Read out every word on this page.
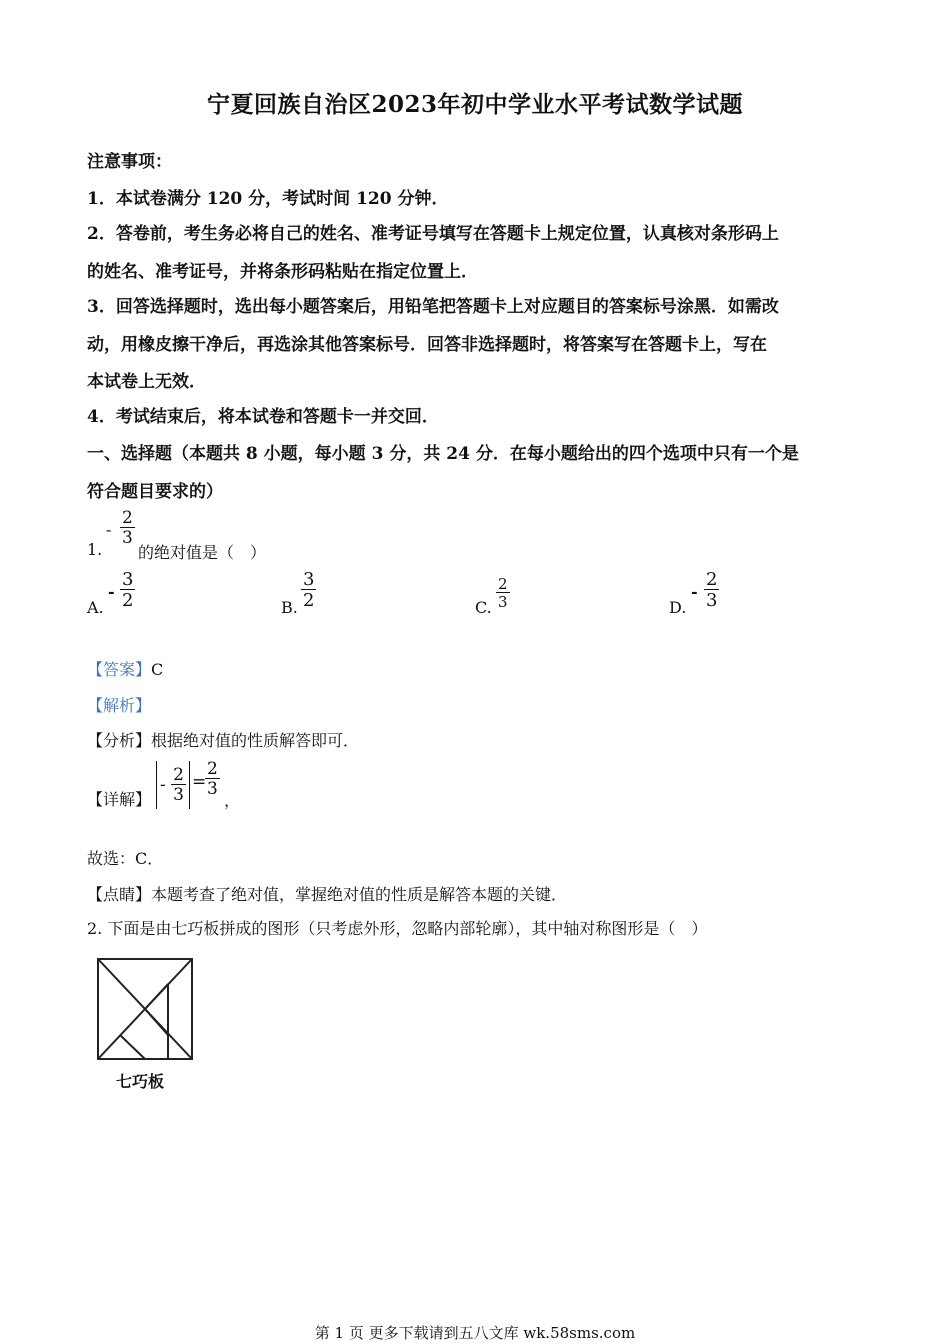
宁夏回族自治区2023年初中学业水平考试数学试题
注意事项：
1．本试卷满分 120 分，考试时间 120 分钟．
2．答卷前，考生务必将自己的姓名、准考证号填写在答题卡上规定位置，认真核对条形码上
的姓名、准考证号，并将条形码粘贴在指定位置上．
3．回答选择题时，选出每小题答案后，用铅笔把答题卡上对应题目的答案标号涂黑．如需改
动，用橡皮擦干净后，再选涂其他答案标号．回答非选择题时，将答案写在答题卡上，写在
本试卷上无效．
4．考试结束后，将本试卷和答题卡一并交回．
一、选择题（本题共 8 小题，每小题 3 分，共 24 分．在每小题给出的四个选项中只有一个是
符合题目要求的）
1.
- $\frac{2}{3}$
的绝对值是（　）
A.
- $\frac{3}{2}$	B. $\frac{3}{2}$	C. $\frac{2}{3}$	D.
- $\frac{2}{3}$
【答案】C
【解析】
【分析】根据绝对值的性质解答即可．
【详解】
- $\frac{2}{3}$ =
$\frac{2}{3}$
，
故选：C．
【点睛】本题考查了绝对值，掌握绝对值的性质是解答本题的关键．
2. 下面是由七巧板拼成的图形（只考虑外形，忽略内部轮廓），其中轴对称图形是（　）
七巧板
第 1 页 更多下载请到五八文库 wk.58sms.com
